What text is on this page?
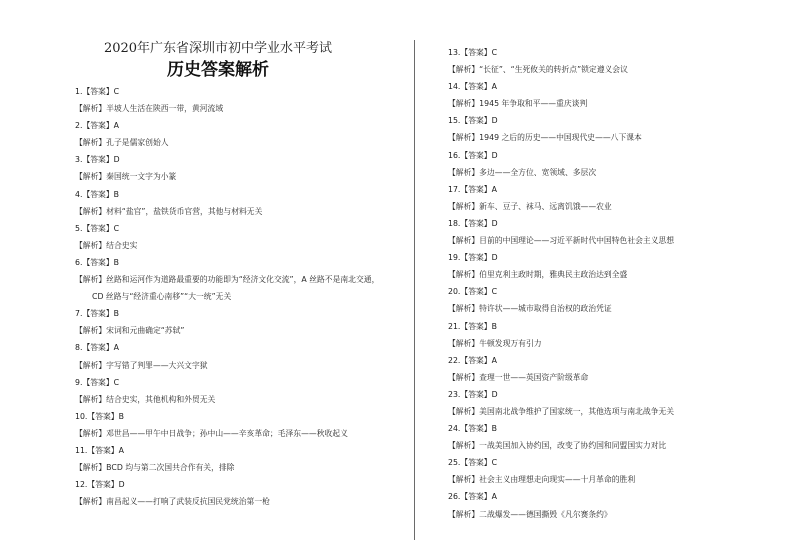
2020年广东省深圳市初中学业水平考试
历史答案解析
1.【答案】C
【解析】半坡人生活在陕西一带，黄河流域
2.【答案】A
【解析】孔子是儒家创始人
3.【答案】D
【解析】秦国统一文字为小篆
4.【答案】B
【解析】材料“盐官”，盐铁货币官营，其他与材料无关
5.【答案】C
【解析】结合史实
6.【答案】B
【解析】丝路和运河作为道路最重要的功能即为“经济文化交流”，A 丝路不是南北交通，
CD 丝路与“经济重心南移”“大一统”无关
7.【答案】B
【解析】宋词和元曲确定“苏轼”
8.【答案】A
【解析】字写错了判罪——大兴文字狱
9.【答案】C
【解析】结合史实，其他机构和外贸无关
10.【答案】B
【解析】邓世昌——甲午中日战争；孙中山——辛亥革命；毛泽东——秋收起义
11.【答案】A
【解析】BCD 均与第二次国共合作有关，排除
12.【答案】D
【解析】南昌起义——打响了武装反抗国民党统治第一枪
13.【答案】C
【解析】“长征”、“生死攸关的转折点”锁定遵义会议
14.【答案】A
【解析】1945 年争取和平——重庆谈判
15.【答案】D
【解析】1949 之后的历史——中国现代史——八下课本
16.【答案】D
【解析】多边——全方位、宽领域、多层次
17.【答案】A
【解析】新车、豆子、袜马、远离饥饿——农业
18.【答案】D
【解析】目前的中国理论——习近平新时代中国特色社会主义思想
19.【答案】D
【解析】伯里克利主政时期，雅典民主政治达到全盛
20.【答案】C
【解析】特许状——城市取得自治权的政治凭证
21.【答案】B
【解析】牛顿发现万有引力
22.【答案】A
【解析】查理一世——英国资产阶级革命
23.【答案】D
【解析】美国南北战争维护了国家统一，其他选项与南北战争无关
24.【答案】B
【解析】一战美国加入协约国，改变了协约国和同盟国实力对比
25.【答案】C
【解析】社会主义由理想走向现实——十月革命的胜利
26.【答案】A
【解析】二战爆发——德国撕毁《凡尔赛条约》
